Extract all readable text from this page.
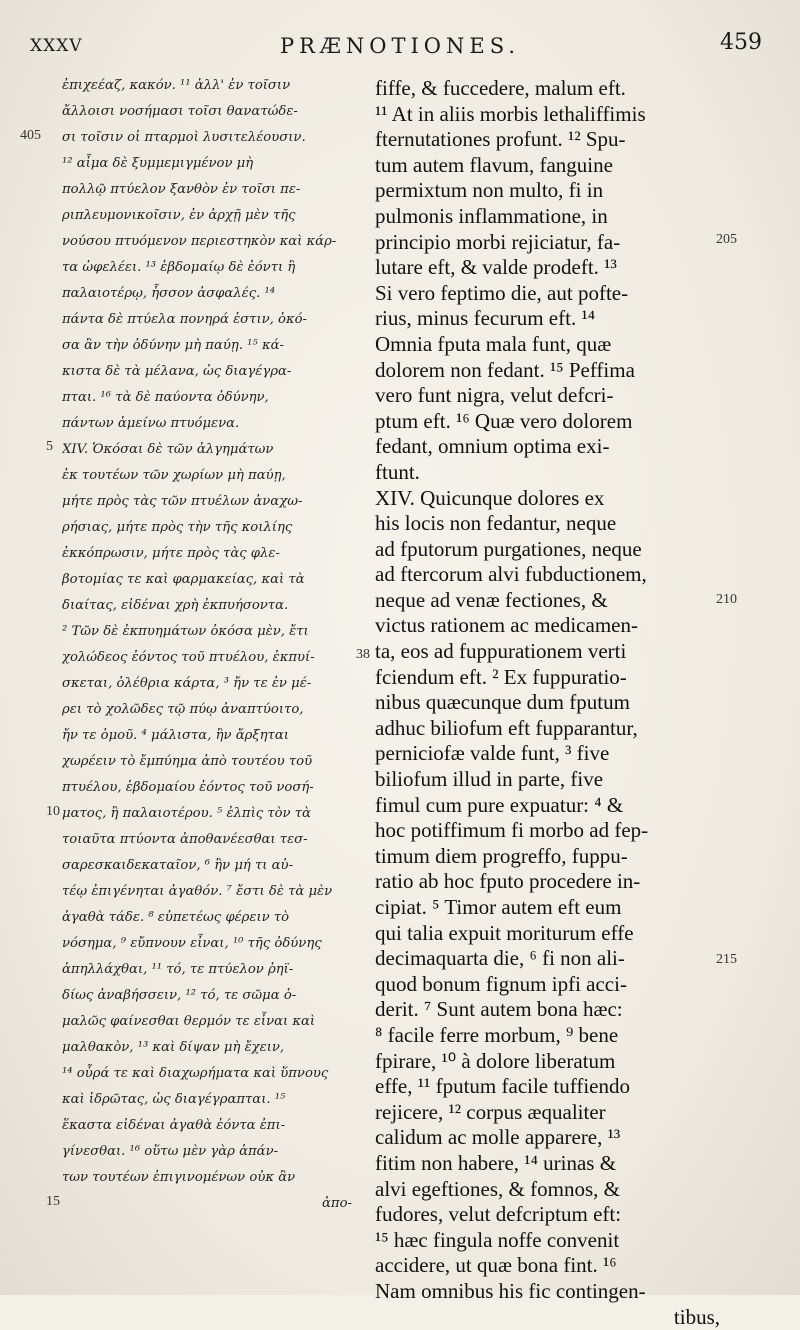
XXXV	PRÆNOTIONES.	459
ἐπιχεέαζ, κακόν. ¹¹ ἀλλ' ἐν τοῖσιν
ἄλλοισι νοσήμασι τοῖσι θανατώδε-
σι τοῖσιν οἱ πταρμοὶ λυσιτελέουσιν.
¹² αἷμα δὲ ξυμμεμιγμένον μὴ
πολλῷ πτύελον ξανθὸν ἐν τοῖσι πε-
ριπλευμονικοῖσιν, ἐν ἀρχῇ μὲν τῆς
νούσου πτυόμενον περιεστηκὸν καὶ κάρ-
τα ὠφελέει. ¹³ ἑβδομαίῳ δὲ ἐόντι ἢ
παλαιοτέρῳ, ἧσσον ἀσφαλές. ¹⁴
πάντα δὲ πτύελα πονηρά ἐστιν, ὁκό-
σα ἂν τὴν ὀδύνην μὴ παύῃ. ¹⁵ κά-
κιστα δὲ τὰ μέλανα, ὡς διαγέγρα-
πται. ¹⁶ τὰ δὲ παύοντα ὀδύνην,
πάντων ἀμείνω πτυόμενα.
XIV. Ὁκόσαι δὲ τῶν ἀλγημάτων
ἐκ τουτέων τῶν χωρίων μὴ παύῃ,
μήτε πρὸς τὰς τῶν πτυέλων ἀναχω-
ρήσιας, μήτε πρὸς τὴν τῆς κοιλίης
ἐκκόπρωσιν, μήτε πρὸς τὰς φλε-
βοτομίας τε καὶ φαρμακείας, καὶ τὰ
διαίτας, εἰδέναι χρὴ ἐκπυήσοντα.
² Τῶν δὲ ἐκπυημάτων ὁκόσα μὲν, ἔτι
χολώδεος ἐόντος τοῦ πτυέλου, ἐκπυί-
σκεται, ὀλέθρια κάρτα, ³ ἤν τε ἐν μέ-
ρει τὸ χολῶδες τῷ πύῳ ἀναπτύοιτο,
ἤν τε ὁμοῦ. ⁴ μάλιστα, ἢν ἄρξηται
χωρέειν τὸ ἔμπύημα ἀπὸ τουτέου τοῦ
πτυέλου, ἑβδομαίου ἐόντος τοῦ νοσή-
ματος, ἢ παλαιοτέρου. ⁵ ἐλπὶς τὸν τὰ
τοιαῦτα πτύοντα ἀποθανέεσθαι τεσ-
σαρεσκαιδεκαταῖον, ⁶ ἢν μή τι αὐ-
τέῳ ἐπιγένηται ἀγαθόν. ⁷ ἔστι δὲ τὰ μὲν
ἀγαθὰ τάδε. ⁸ εὐπετέως φέρειν τὸ
νόσημα, ⁹ εὔπνουν εἶναι, ¹⁰ τῆς ὀδύνης
ἀπηλλάχθαι, ¹¹ τό, τε πτύελον ῥηϊ-
δίως ἀναβήσσειν, ¹² τό, τε σῶμα ὁ-
μαλῶς φαίνεσθαι θερμόν τε εἶναι καὶ
μαλθακὸν, ¹³ καὶ δίψαν μὴ ἔχειν,
¹⁴ οὖρά τε καὶ διαχωρήματα καὶ ὕπνους
καὶ ἱδρῶτας, ὡς διαγέγραπται. ¹⁵
ἕκαστα εἰδέναι ἀγαθὰ ἐόντα ἐπι-
γίνεσθαι. ¹⁶ οὕτω μὲν γὰρ ἁπάν-
των τουτέων ἐπιγινομένων οὐκ ἂν
ἀπο-
fiffe, & fuccedere, malum eft.
¹¹ At in aliis morbis lethaliffimis
fternutationes profunt. ¹² Spu-
tum autem flavum, fanguine
permixtum non multo, fi in
pulmonis inflammatione, in
principio morbi rejiciatur, fa-
lutare eft, & valde prodeft. ¹³
Si vero feptimo die, aut pofte-
rius, minus fecurum eft. ¹⁴
Omnia fputa mala funt, quæ
dolorem non fedant. ¹⁵ Peffima
vero funt nigra, velut defcri-
ptum eft. ¹⁶ Quæ vero dolorem
fedant, omnium optima exi-
ftunt.
XIV. Quicunque dolores ex
his locis non fedantur, neque
ad fputorum purgationes, neque
ad ftercorum alvi fubductionem,
neque ad venæ fectiones, &
victus rationem ac medicamen-
ta, eos ad fuppurationem verti
fciendum eft. ² Ex fuppuratio-
nibus quæcunque dum fputum
adhuc biliofum eft fupparantur,
perniciofæ valde funt, ³ five
biliofum illud in parte, five
fimul cum pure expuatur: ⁴ &
hoc potiffimum fi morbo ad fep-
timum diem progreffo, fuppu-
ratio ab hoc fputo procedere in-
cipiat. ⁵ Timor autem eft eum
qui talia expuit moriturum effe
decimaquarta die, ⁶ fi non ali-
quod bonum fignum ipfi acci-
derit. ⁷ Sunt autem bona hæc:
⁸ facile ferre morbum, ⁹ bene
fpirare, ¹⁰ à dolore liberatum
effe, ¹¹ fputum facile tuffiendo
rejicere, ¹² corpus æqualiter
calidum ac molle apparere, ¹³
fitim non habere, ¹⁴ urinas &
alvi egeftiones, & fomnos, &
fudores, velut defcriptum eft:
¹⁵ hæc fingula noffe convenit
accidere, ut quæ bona fint. ¹⁶
Nam omnibus his fic contingen-
tibus,
405
5
38
10
15
205
210
215
